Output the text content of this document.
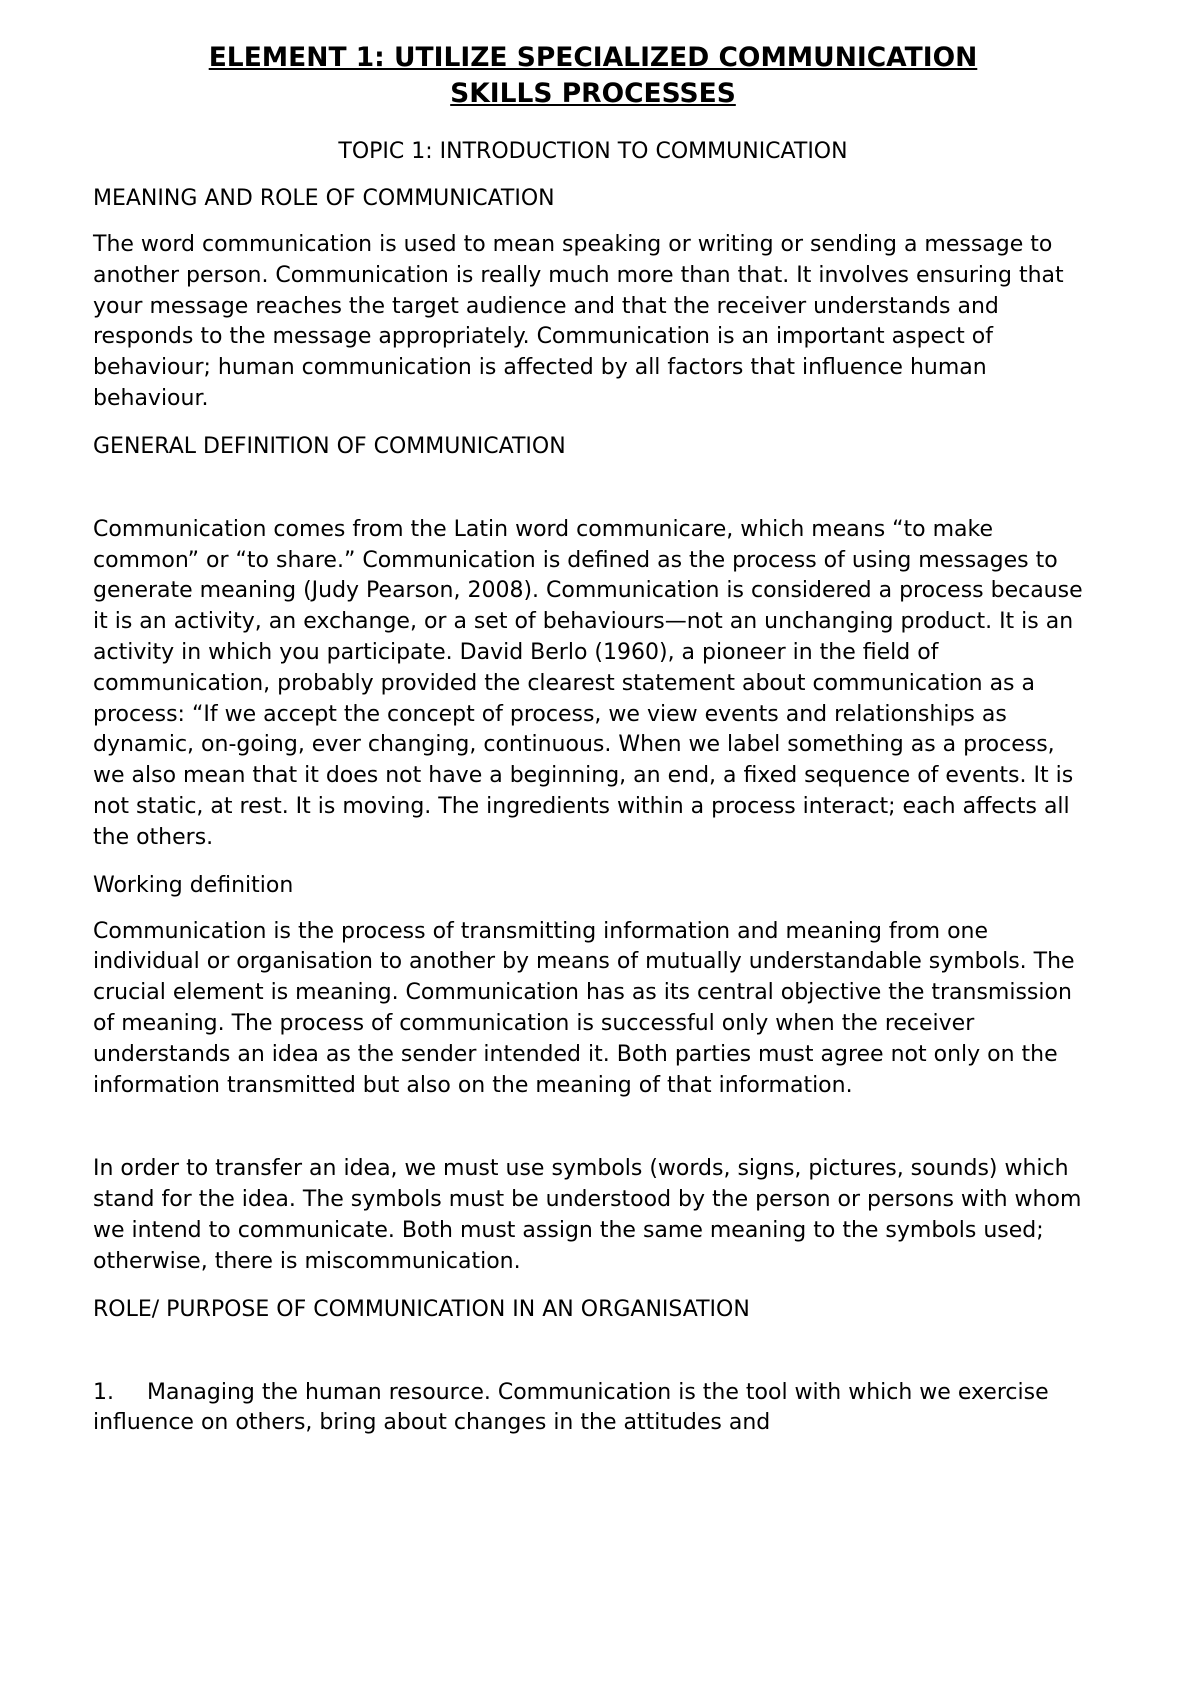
ELEMENT 1: UTILIZE SPECIALIZED COMMUNICATION
SKILLS PROCESSES
TOPIC 1: INTRODUCTION TO COMMUNICATION
MEANING AND ROLE OF COMMUNICATION

The word communication is used to mean speaking or writing or sending a message to another person. Communication is really much more than that. It involves ensuring that your message reaches the target audience and that the receiver understands and responds to the message appropriately. Communication is an important aspect of behaviour; human communication is affected by all factors that influence human behaviour.

GENERAL DEFINITION OF COMMUNICATION

Communication comes from the Latin word communicare, which means “to make common” or “to share.” Communication is defined as the process of using messages to generate meaning (Judy Pearson, 2008). Communication is considered a process because it is an activity, an exchange, or a set of behaviours—not an unchanging product. It is an activity in which you participate. David Berlo (1960), a pioneer in the field of communication, probably provided the clearest statement about communication as a process: “If we accept the concept of process, we view events and relationships as dynamic, on-going, ever changing, continuous. When we label something as a process, we also mean that it does not have a beginning, an end, a fixed sequence of events. It is not static, at rest. It is moving. The ingredients within a process interact; each affects all the others.

Working definition

Communication is the process of transmitting information and meaning from one individual or organisation to another by means of mutually understandable symbols. The crucial element is meaning. Communication has as its central objective the transmission of meaning. The process of communication is successful only when the receiver understands an idea as the sender intended it. Both parties must agree not only on the information transmitted but also on the meaning of that information.

In order to transfer an idea, we must use symbols (words, signs, pictures, sounds) which stand for the idea. The symbols must be understood by the person or persons with whom we intend to communicate. Both must assign the same meaning to the symbols used; otherwise, there is miscommunication.

ROLE/ PURPOSE OF COMMUNICATION IN AN ORGANISATION

1. Managing the human resource. Communication is the tool with which we exercise influence on others, bring about changes in the attitudes and
